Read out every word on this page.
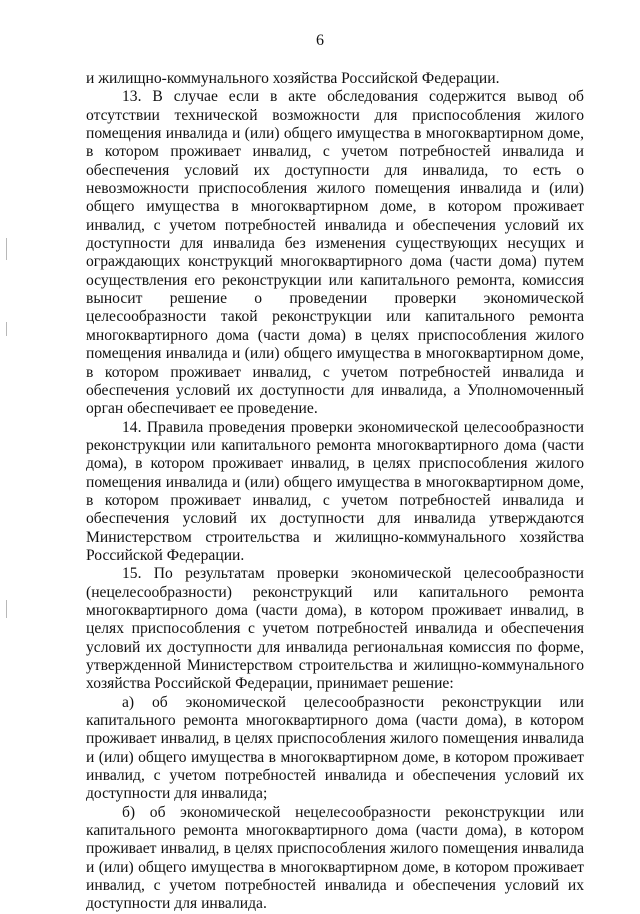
6

и жилищно-коммунального хозяйства Российской Федерации.

13. В случае если в акте обследования содержится вывод об отсутствии технической возможности для приспособления жилого помещения инвалида и (или) общего имущества в многоквартирном доме, в котором проживает инвалид, с учетом потребностей инвалида и обеспечения условий их доступности для инвалида, то есть о невозможности приспособления жилого помещения инвалида и (или) общего имущества в многоквартирном доме, в котором проживает инвалид, с учетом потребностей инвалида и обеспечения условий их доступности для инвалида без изменения существующих несущих и ограждающих конструкций многоквартирного дома (части дома) путем осуществления его реконструкции или капитального ремонта, комиссия выносит решение о проведении проверки экономической целесообразности такой реконструкции или капитального ремонта многоквартирного дома (части дома) в целях приспособления жилого помещения инвалида и (или) общего имущества в многоквартирном доме, в котором проживает инвалид, с учетом потребностей инвалида и обеспечения условий их доступности для инвалида, а Уполномоченный орган обеспечивает ее проведение.

14. Правила проведения проверки экономической целесообразности реконструкции или капитального ремонта многоквартирного дома (части дома), в котором проживает инвалид, в целях приспособления жилого помещения инвалида и (или) общего имущества в многоквартирном доме, в котором проживает инвалид, с учетом потребностей инвалида и обеспечения условий их доступности для инвалида утверждаются Министерством строительства и жилищно-коммунального хозяйства Российской Федерации.

15. По результатам проверки экономической целесообразности (нецелесообразности) реконструкций или капитального ремонта многоквартирного дома (части дома), в котором проживает инвалид, в целях приспособления с учетом потребностей инвалида и обеспечения условий их доступности для инвалида региональная комиссия по форме, утвержденной Министерством строительства и жилищно-коммунального хозяйства Российской Федерации, принимает решение:

а) об экономической целесообразности реконструкции или капитального ремонта многоквартирного дома (части дома), в котором проживает инвалид, в целях приспособления жилого помещения инвалида и (или) общего имущества в многоквартирном доме, в котором проживает инвалид, с учетом потребностей инвалида и обеспечения условий их доступности для инвалида;

б) об экономической нецелесообразности реконструкции или капитального ремонта многоквартирного дома (части дома), в котором проживает инвалид, в целях приспособления жилого помещения инвалида и (или) общего имущества в многоквартирном доме, в котором проживает инвалид, с учетом потребностей инвалида и обеспечения условий их доступности для инвалида.
